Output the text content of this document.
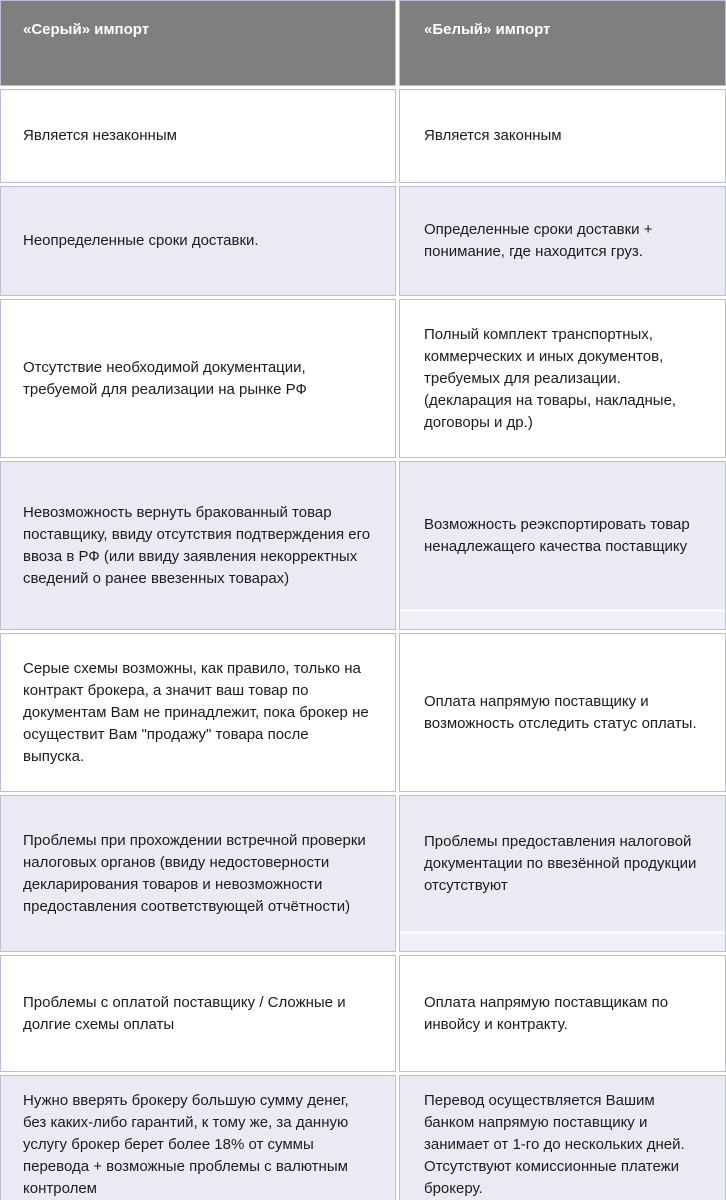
«Серый» импорт	«Белый» импорт
Является незаконным	Является законным
Неопределенные сроки доставки.
Определенные сроки доставки + понимание, где находится груз.
Отсутствие необходимой документации, требуемой для реализации на рынке РФ
Полный комплект транспортных, коммерческих и иных документов, требуемых для реализации. (декларация на товары, накладные, договоры и др.)
Невозможность вернуть бракованный товар поставщику, ввиду отсутствия подтверждения его ввоза в РФ (или ввиду заявления некорректных сведений о ранее ввезенных товарах)
Возможность реэкспортировать товар ненадлежащего качества поставщику
Серые схемы возможны, как правило, только на контракт брокера, а значит ваш товар по документам Вам не принадлежит, пока брокер не осуществит Вам "продажу" товара после выпуска.
Оплата напрямую поставщику и возможность отследить статус оплаты.
Проблемы при прохождении встречной проверки налоговых органов (ввиду недостоверности декларирования товаров и невозможности предоставления соответствующей отчётности)
Проблемы предоставления налоговой документации по ввезённой продукции отсутствуют
Проблемы с оплатой поставщику / Сложные и долгие схемы оплаты
Оплата напрямую поставщикам по инвойсу и контракту.
Нужно вверять брокеру большую сумму денег, без каких-либо гарантий, к тому же, за данную услугу брокер берет более 18% от суммы перевода + возможные проблемы с валютным контролем
Перевод осуществляется Вашим банком напрямую поставщику и занимает от 1-го до нескольких дней. Отсутствуют комиссионные платежи брокеру.
